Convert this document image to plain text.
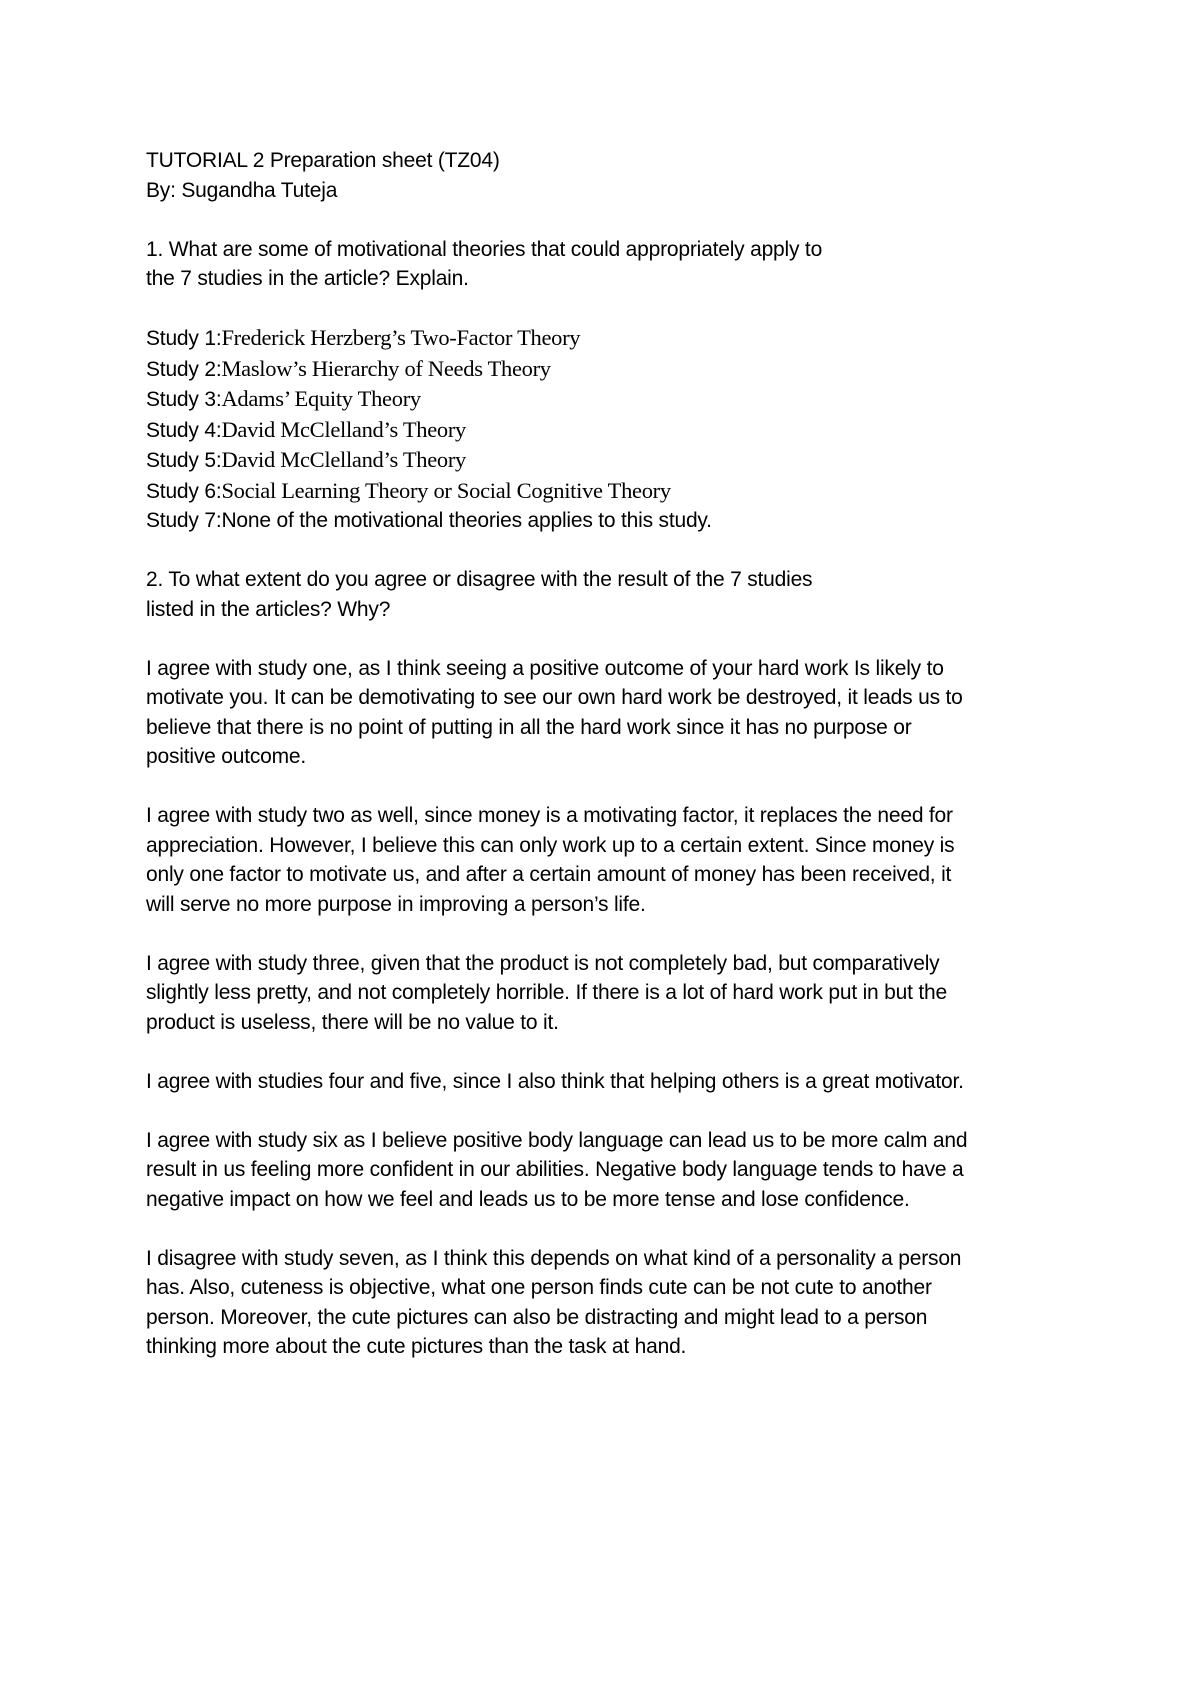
TUTORIAL 2 Preparation sheet (TZ04)

By: Sugandha Tuteja

1. What are some of motivational theories that could appropriately apply to

the 7 studies in the article? Explain.

Study 1:Frederick Herzberg’s Two-Factor Theory

Study 2:Maslow’s Hierarchy of Needs Theory

Study 3:Adams’ Equity Theory

Study 4:David McClelland’s Theory

Study 5:David McClelland’s Theory

Study 6:Social Learning Theory or Social Cognitive Theory

Study 7:None of the motivational theories applies to this study.

2. To what extent do you agree or disagree with the result of the 7 studies

listed in the articles? Why?

I agree with study one, as I think seeing a positive outcome of your hard work Is likely to

motivate you. It can be demotivating to see our own hard work be destroyed, it leads us to

believe that there is no point of putting in all the hard work since it has no purpose or

positive outcome.

I agree with study two as well, since money is a motivating factor, it replaces the need for

appreciation. However, I believe this can only work up to a certain extent. Since money is

only one factor to motivate us, and after a certain amount of money has been received, it

will serve no more purpose in improving a person’s life.

I agree with study three, given that the product is not completely bad, but comparatively

slightly less pretty, and not completely horrible. If there is a lot of hard work put in but the

product is useless, there will be no value to it.

I agree with studies four and five, since I also think that helping others is a great motivator.

I agree with study six as I believe positive body language can lead us to be more calm and

result in us feeling more confident in our abilities. Negative body language tends to have a

negative impact on how we feel and leads us to be more tense and lose confidence.

I disagree with study seven, as I think this depends on what kind of a personality a person

has. Also, cuteness is objective, what one person finds cute can be not cute to another

person. Moreover, the cute pictures can also be distracting and might lead to a person

thinking more about the cute pictures than the task at hand.
